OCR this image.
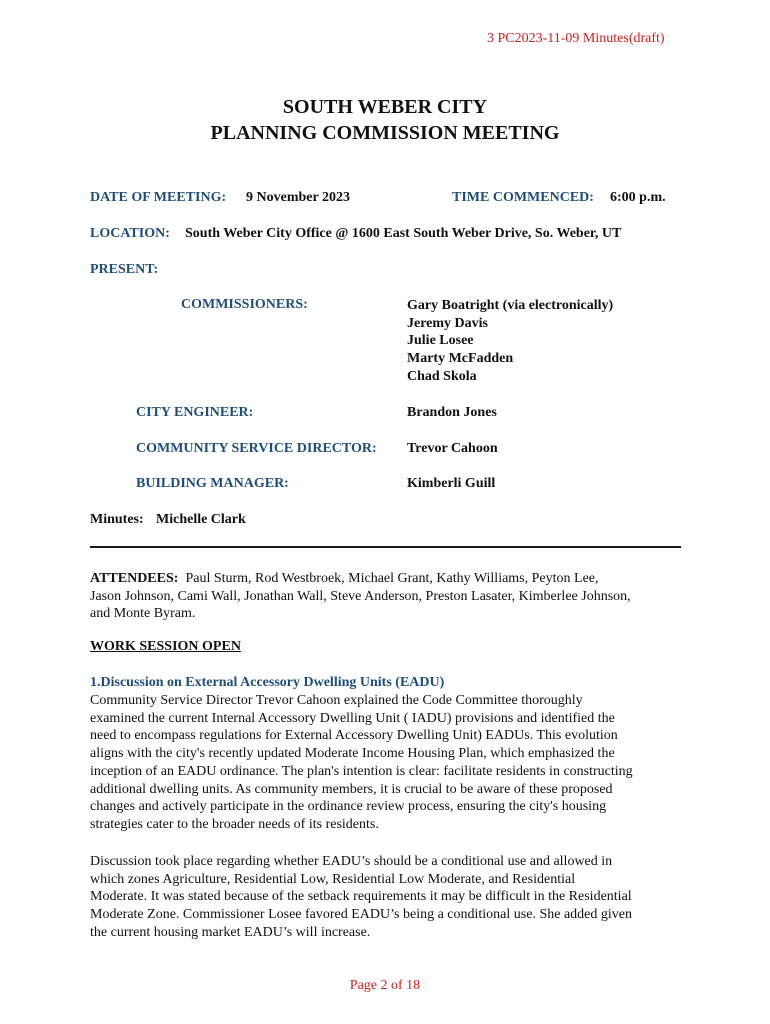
3 PC2023-11-09 Minutes(draft)
SOUTH WEBER CITY
PLANNING COMMISSION MEETING
DATE OF MEETING: 9 November 2023	TIME COMMENCED: 6:00 p.m.
LOCATION: South Weber City Office @ 1600 East South Weber Drive, So. Weber, UT
PRESENT:
COMMISSIONERS:	Gary Boatright (via electronically)
Jeremy Davis
Julie Losee
Marty McFadden
Chad Skola
CITY ENGINEER:	Brandon Jones
COMMUNITY SERVICE DIRECTOR: Trevor Cahoon
BUILDING MANAGER:	Kimberli Guill
Minutes: Michelle Clark
ATTENDEES: Paul Sturm, Rod Westbroek, Michael Grant, Kathy Williams, Peyton Lee,
Jason Johnson, Cami Wall, Jonathan Wall, Steve Anderson, Preston Lasater, Kimberlee Johnson,
and Monte Byram.
WORK SESSION OPEN
1.Discussion on External Accessory Dwelling Units (EADU)
Community Service Director Trevor Cahoon explained the Code Committee thoroughly
examined the current Internal Accessory Dwelling Unit ( IADU) provisions and identified the
need to encompass regulations for External Accessory Dwelling Unit) EADUs. This evolution
aligns with the city's recently updated Moderate Income Housing Plan, which emphasized the
inception of an EADU ordinance. The plan's intention is clear: facilitate residents in constructing
additional dwelling units. As community members, it is crucial to be aware of these proposed
changes and actively participate in the ordinance review process, ensuring the city's housing
strategies cater to the broader needs of its residents.
Discussion took place regarding whether EADU’s should be a conditional use and allowed in
which zones Agriculture, Residential Low, Residential Low Moderate, and Residential
Moderate. It was stated because of the setback requirements it may be difficult in the Residential
Moderate Zone. Commissioner Losee favored EADU’s being a conditional use. She added given
the current housing market EADU’s will increase.
Page 2 of 18
